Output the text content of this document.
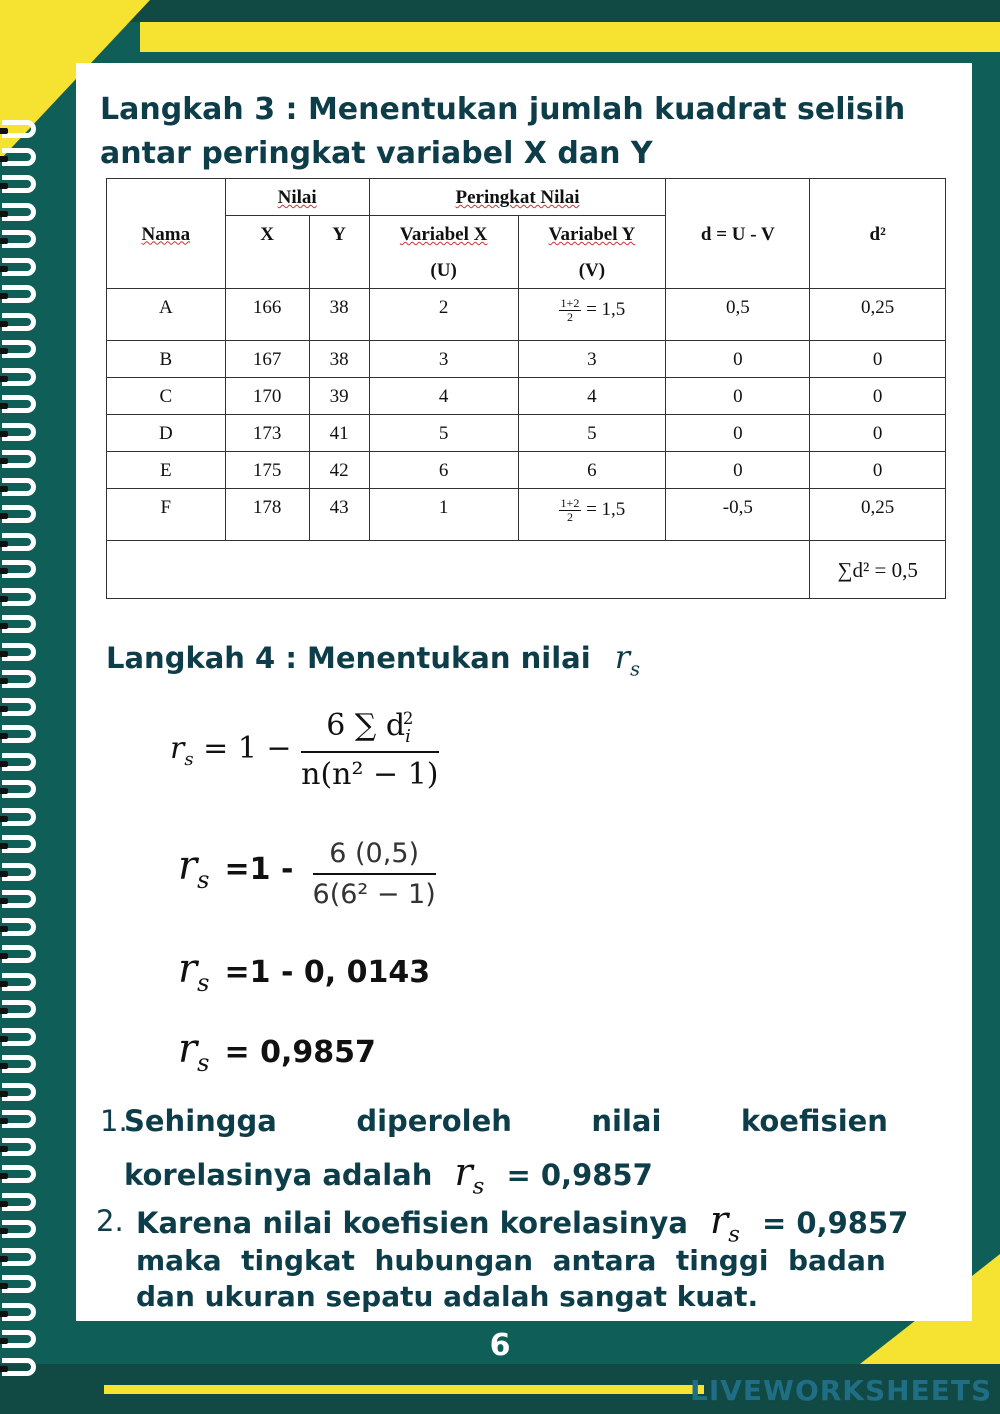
Langkah 3 : Menentukan jumlah kuadrat selisih antar peringkat variabel X dan Y
Nama	Nilai		Peringkat Nilai		d = U - V	d²
	X	Y	Variabel X	Variabel Y		
			(U)	(V)		
A	166	38	2	$\frac{1+2}{2} = 1,5$	0,5	0,25
B	167	38	3	3	0	0
C	170	39	4	4	0	0
D	173	41	5	5	0	0
E	175	42	6	6	0	0
F	178	43	1	$\frac{1+2}{2} = 1,5$	-0,5	0,25
						∑d² = 0,5
Langkah 4 : Menentukan nilai $r_s$
$r_s = 1 - \frac{6 \sum d_i^2}{\text{n(n² − 1)}}$
$r_s =1 - \frac{6 (0,5)}{\text{6(6² − 1)}}$
$r_s =1 - 0$, 0143
$r_s = 0,9857$
1.
Sehingga	diperoleh	nilai	koefisien
korelasinya adalah $r_s = 0,9857$
2. Karena nilai koefisien korelasinya $r_s = 0,9857$
maka  tingkat  hubungan  antara  tinggi  badan
dan ukuran sepatu adalah sangat kuat.
6
LIVEWORKSHEETS
